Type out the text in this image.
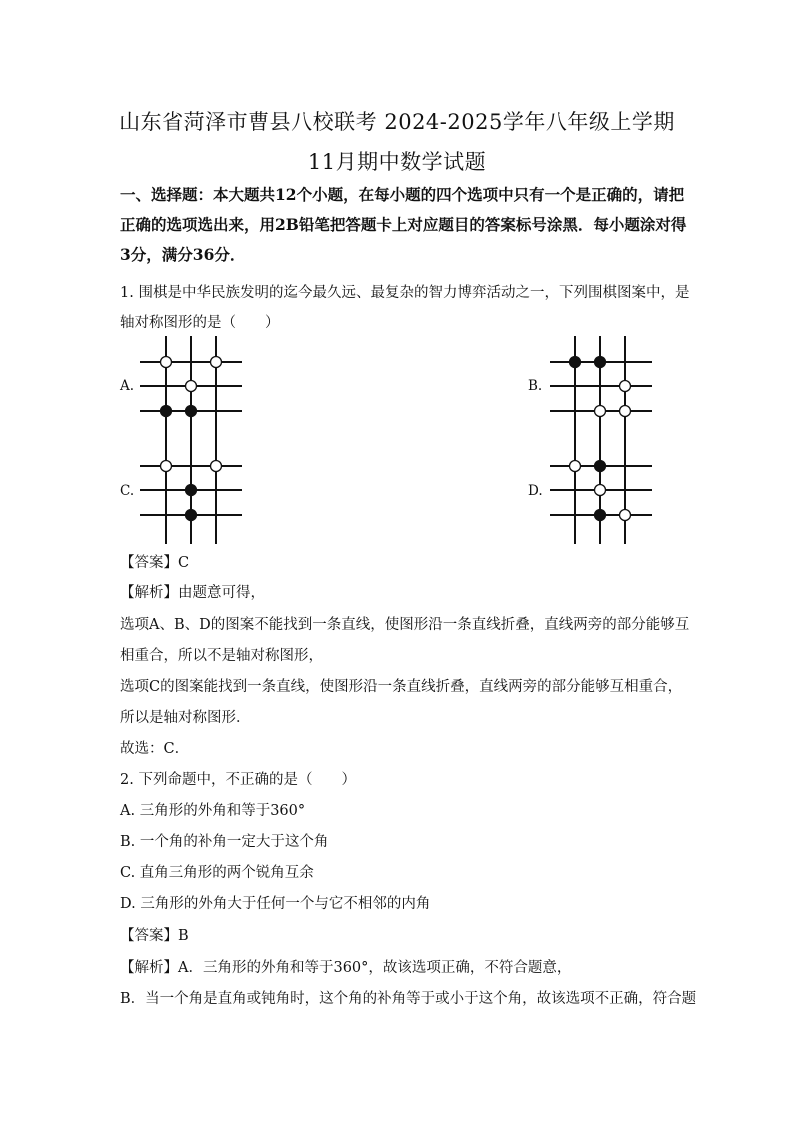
山东省菏泽市曹县八校联考 2024-2025学年八年级上学期
11月期中数学试题
一、选择题：本大题共12个小题，在每小题的四个选项中只有一个是正确的，请把正确的选项选出来，用2B铅笔把答题卡上对应题目的答案标号涂黑．每小题涂对得3分，满分36分．
1. 围棋是中华民族发明的迄今最久远、最复杂的智力博弈活动之一，下列围棋图案中，是
轴对称图形的是（　　）
A.	B.
C.	D.
【答案】C
【解析】由题意可得，
选项A、B、D的图案不能找到一条直线，使图形沿一条直线折叠，直线两旁的部分能够互
相重合，所以不是轴对称图形，
选项C的图案能找到一条直线，使图形沿一条直线折叠，直线两旁的部分能够互相重合，
所以是轴对称图形．
故选：C．
2. 下列命题中，不正确的是（　　）
A. 三角形的外角和等于360°
B. 一个角的补角一定大于这个角
C. 直角三角形的两个锐角互余
D. 三角形的外角大于任何一个与它不相邻的内角
【答案】B
【解析】A．三角形的外角和等于360°，故该选项正确，不符合题意，
B．当一个角是直角或钝角时，这个角的补角等于或小于这个角，故该选项不正确，符合题
